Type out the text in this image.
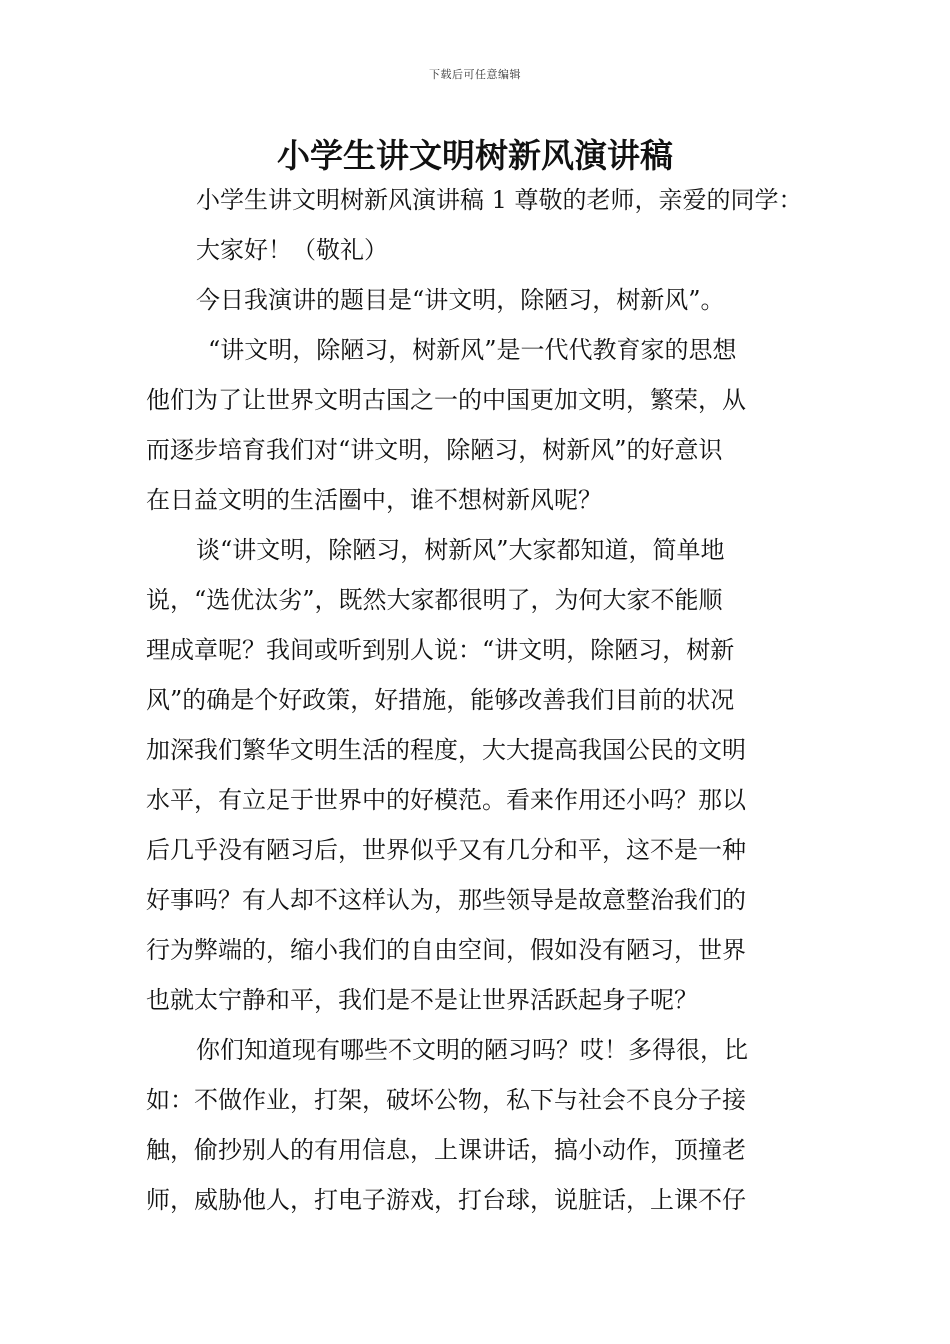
下载后可任意编辑
小学生讲文明树新风演讲稿
小学生讲文明树新风演讲稿 1 尊敬的老师，亲爱的同学：
大家好！（敬礼）
今日我演讲的题目是“讲文明，除陋习，树新风”。
“讲文明，除陋习，树新风”是一代代教育家的思想
他们为了让世界文明古国之一的中国更加文明，繁荣，从
而逐步培育我们对“讲文明，除陋习，树新风”的好意识
在日益文明的生活圈中，谁不想树新风呢？
谈“讲文明，除陋习，树新风”大家都知道，简单地
说，“选优汰劣”，既然大家都很明了，为何大家不能顺
理成章呢？我间或听到别人说：“讲文明，除陋习，树新
风”的确是个好政策，好措施，能够改善我们目前的状况
加深我们繁华文明生活的程度，大大提高我国公民的文明
水平，有立足于世界中的好模范。看来作用还小吗？那以
后几乎没有陋习后，世界似乎又有几分和平，这不是一种
好事吗？有人却不这样认为，那些领导是故意整治我们的
行为弊端的，缩小我们的自由空间，假如没有陋习，世界
也就太宁静和平，我们是不是让世界活跃起身子呢？
你们知道现有哪些不文明的陋习吗？哎！多得很，比
如：不做作业，打架，破坏公物，私下与社会不良分子接
触，偷抄别人的有用信息，上课讲话，搞小动作，顶撞老
师，威胁他人，打电子游戏，打台球，说脏话，上课不仔
